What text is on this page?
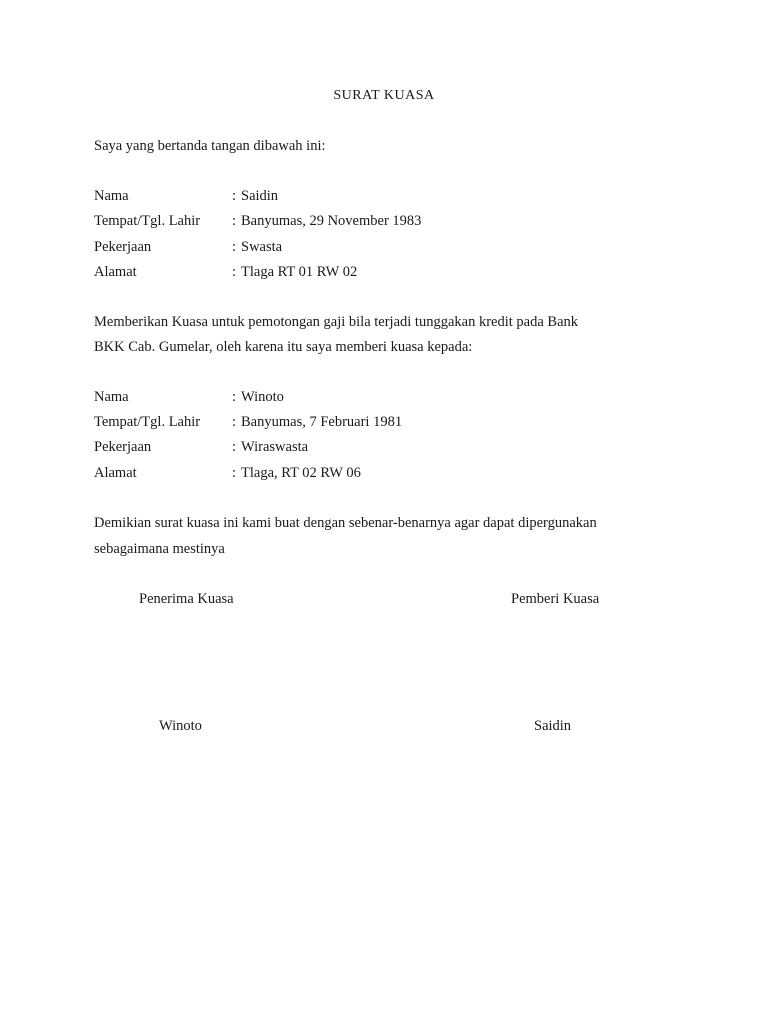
SURAT KUASA
Saya yang bertanda tangan dibawah ini:
Nama	: Saidin
Tempat/Tgl. Lahir : Banyumas, 29 November 1983
Pekerjaan	: Swasta
Alamat	: Tlaga RT 01 RW 02
Memberikan Kuasa untuk pemotongan gaji bila terjadi tunggakan kredit pada Bank
BKK Cab. Gumelar, oleh karena itu saya memberi kuasa kepada:
Nama	: Winoto
Tempat/Tgl. Lahir : Banyumas, 7 Februari 1981
Pekerjaan	: Wiraswasta
Alamat	: Tlaga, RT 02 RW 06
Demikian surat kuasa ini kami buat dengan sebenar-benarnya agar dapat dipergunakan
sebagaimana mestinya
Penerima Kuasa	Pemberi Kuasa
Winoto	Saidin
